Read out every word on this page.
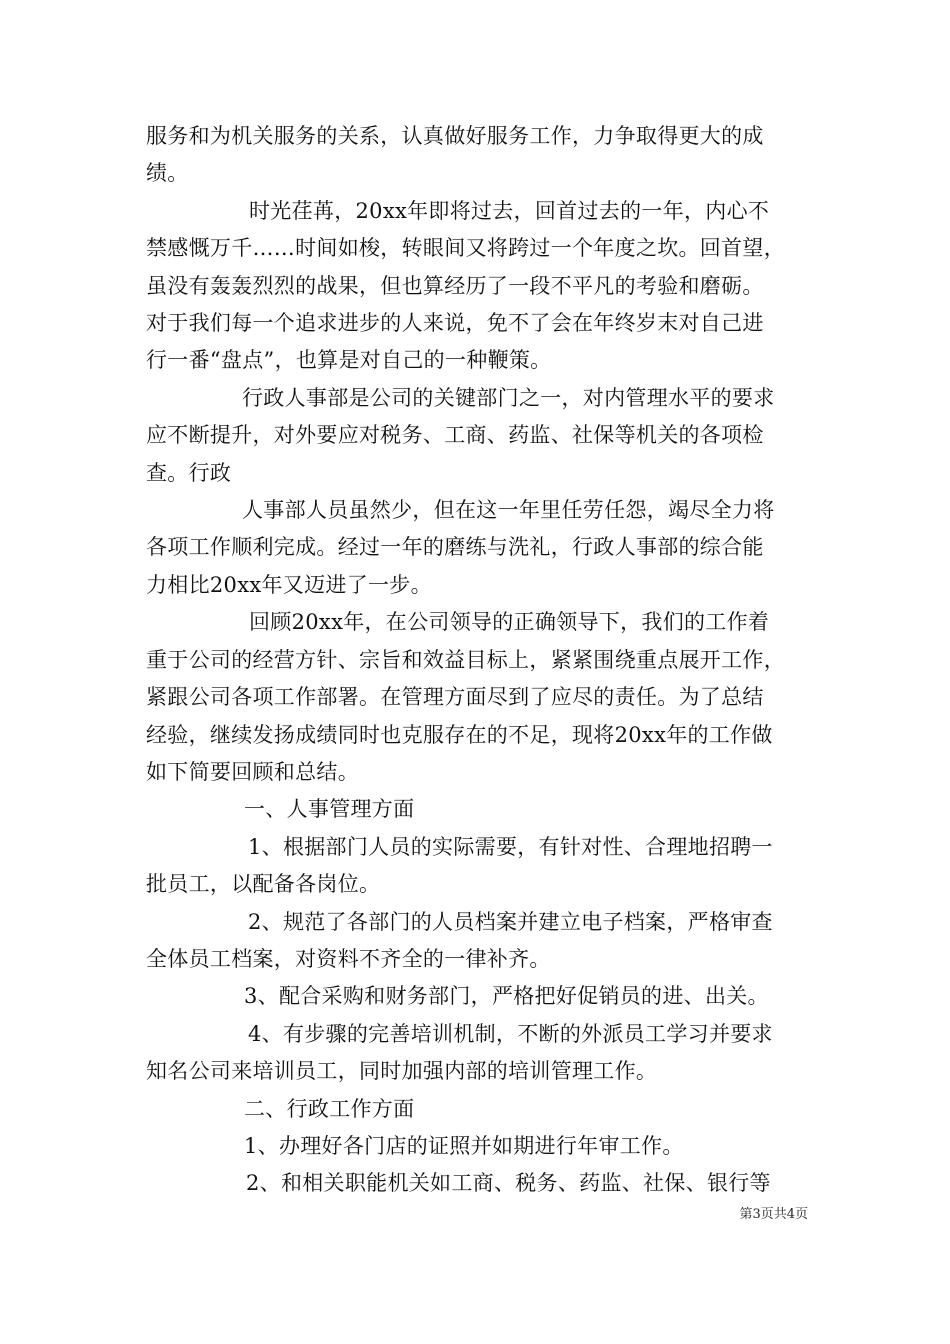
服务和为机关服务的关系，认真做好服务工作，力争取得更大的成
绩。

时光荏苒，20xx年即将过去，回首过去的一年，内心不
禁感慨万千……时间如梭，转眼间又将跨过一个年度之坎。回首望，
虽没有轰轰烈烈的战果，但也算经历了一段不平凡的考验和磨砺。
对于我们每一个追求进步的人来说，免不了会在年终岁末对自己进
行一番“盘点”，也算是对自己的一种鞭策。

行政人事部是公司的关键部门之一，对内管理水平的要求
应不断提升，对外要应对税务、工商、药监、社保等机关的各项检
查。行政

人事部人员虽然少，但在这一年里任劳任怨，竭尽全力将
各项工作顺利完成。经过一年的磨练与洗礼，行政人事部的综合能
力相比20xx年又迈进了一步。

回顾20xx年，在公司领导的正确领导下，我们的工作着
重于公司的经营方针、宗旨和效益目标上，紧紧围绕重点展开工作，
紧跟公司各项工作部署。在管理方面尽到了应尽的责任。为了总结
经验，继续发扬成绩同时也克服存在的不足，现将20xx年的工作做
如下简要回顾和总结。

一、人事管理方面

1、根据部门人员的实际需要，有针对性、合理地招聘一
批员工，以配备各岗位。

2、规范了各部门的人员档案并建立电子档案，严格审查
全体员工档案，对资料不齐全的一律补齐。

3、配合采购和财务部门，严格把好促销员的进、出关。

4、有步骤的完善培训机制，不断的外派员工学习并要求
知名公司来培训员工，同时加强内部的培训管理工作。

二、行政工作方面

1、办理好各门店的证照并如期进行年审工作。

2、和相关职能机关如工商、税务、药监、社保、银行等

第3页共4页
